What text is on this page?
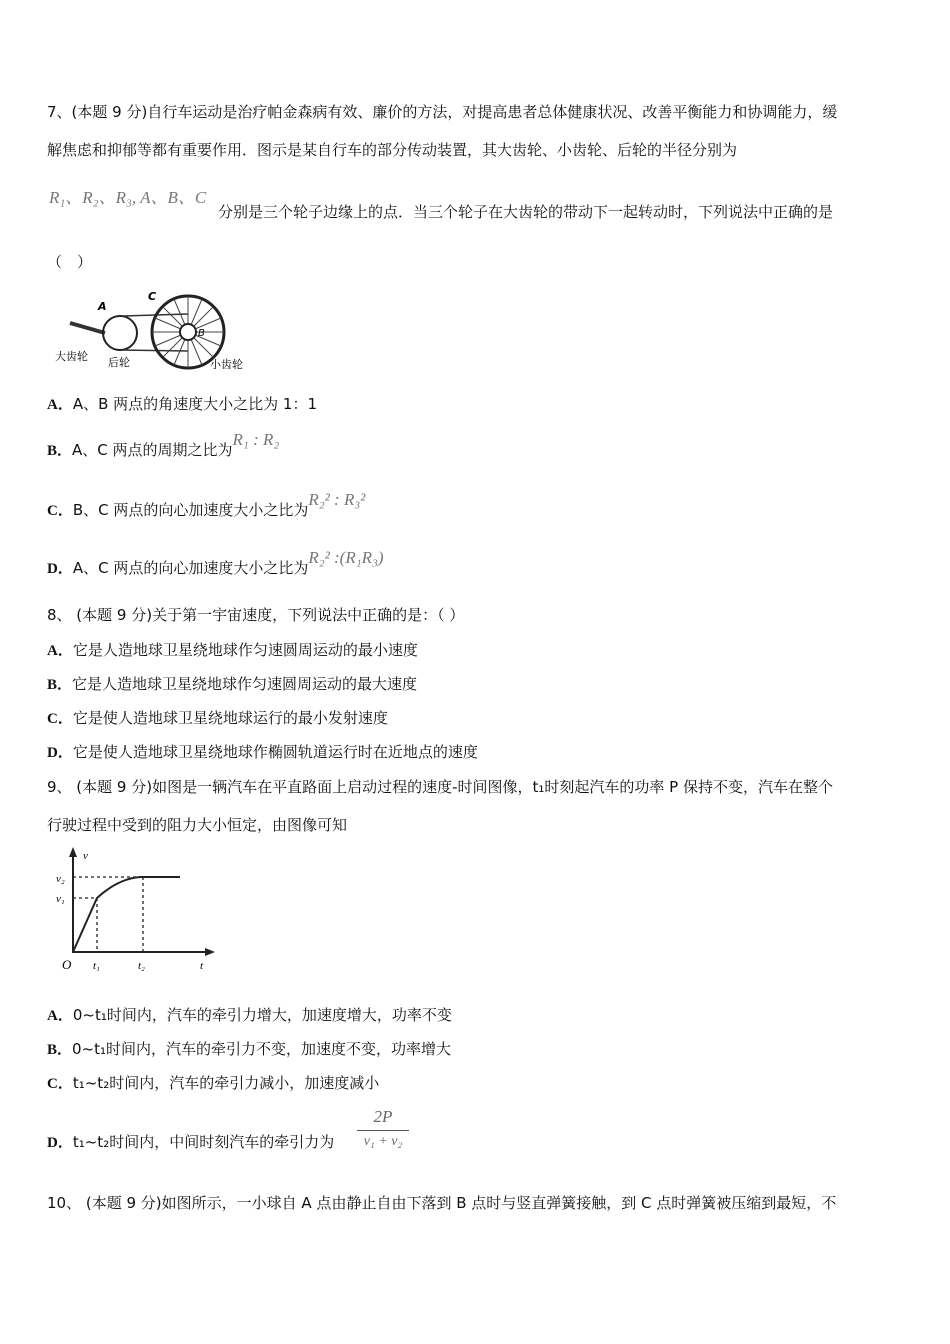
7、(本题 9 分)自行车运动是治疗帕金森病有效、廉价的方法，对提高患者总体健康状况、改善平衡能力和协调能力，缓
解焦虑和抑郁等都有重要作用．图示是某自行车的部分传动装置，其大齿轮、小齿轮、后轮的半径分别为
R₁、R₂、R₃, A、B、C
分别是三个轮子边缘上的点．当三个轮子在大齿轮的带动下一起转动时，下列说法中正确的是
（　）
A
C
B
大齿轮 后轮	小齿轮
A．A、B 两点的角速度大小之比为 1：1
B．A、C 两点的周期之比为R₁ : R₂
C．B、C 两点的向心加速度大小之比为R₂² : R₃²
D．A、C 两点的向心加速度大小之比为R₂² :(R₁R₃)
8、 (本题 9 分)关于第一宇宙速度，下列说法中正确的是：（ ）
A．它是人造地球卫星绕地球作匀速圆周运动的最小速度
B．它是人造地球卫星绕地球作匀速圆周运动的最大速度
C．它是使人造地球卫星绕地球运行的最小发射速度
D．它是使人造地球卫星绕地球作椭圆轨道运行时在近地点的速度
9、 (本题 9 分)如图是一辆汽车在平直路面上启动过程的速度-时间图像，t₁时刻起汽车的功率 P 保持不变，汽车在整个
行驶过程中受到的阻力大小恒定，由图像可知
v
v₂
v₁
O t₁	t₂	t
A．0~t₁时间内，汽车的牵引力增大，加速度增大，功率不变
B．0~t₁时间内，汽车的牵引力不变，加速度不变，功率增大
C．t₁~t₂时间内，汽车的牵引力减小，加速度减小
D．t₁~t₂时间内，中间时刻汽车的牵引力为
2P
v₁ + v₂
10、 (本题 9 分)如图所示，一小球自 A 点由静止自由下落到 B 点时与竖直弹簧接触，到 C 点时弹簧被压缩到最短，不
